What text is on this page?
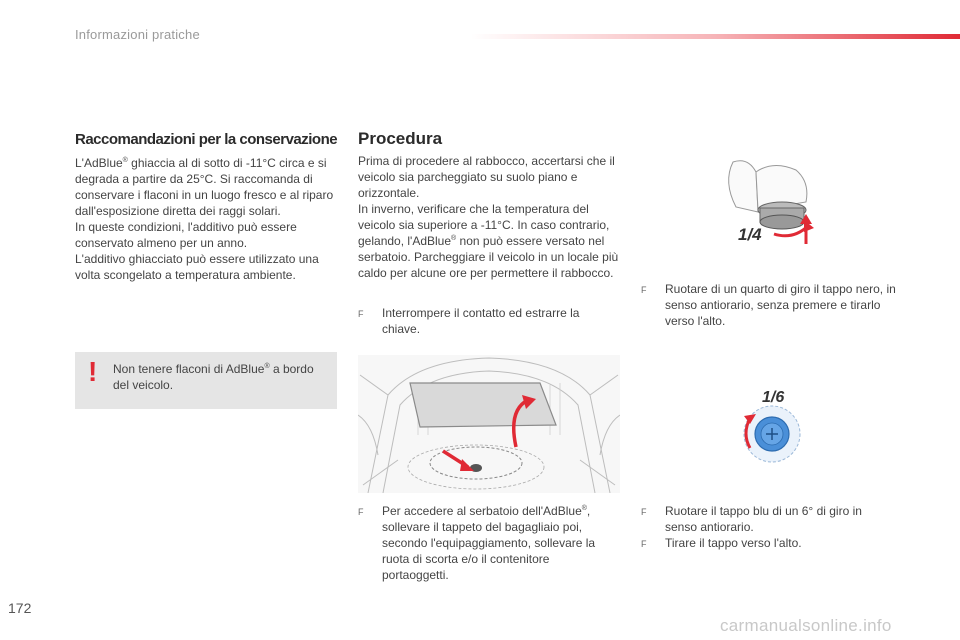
Informazioni pratiche
Raccomandazioni per la conservazione

L'AdBlue® ghiaccia al di sotto di -11°C circa e si degrada a partire da 25°C. Si raccomanda di conservare i flaconi in un luogo fresco e al riparo dall'esposizione diretta dei raggi solari.

In queste condizioni, l'additivo può essere conservato almeno per un anno.

L'additivo ghiacciato può essere utilizzato una volta scongelato a temperatura ambiente.

! Non tenere flaconi di AdBlue® a bordo del veicolo.
Procedura

Prima di procedere al rabbocco, accertarsi che il veicolo sia parcheggiato su suolo piano e orizzontale.

In inverno, verificare che la temperatura del veicolo sia superiore a -11°C. In caso contrario, gelando, l'AdBlue® non può essere versato nel serbatoio. Parcheggiare il veicolo in un locale più caldo per alcune ore per permettere il rabbocco.

F Interrompere il contatto ed estrarre la chiave.
F Per accedere al serbatoio dell'AdBlue®, sollevare il tappeto del bagagliaio poi, secondo l'equipaggiamento, sollevare la ruota di scorta e/o il contenitore portaoggetti.
1/4
F Ruotare di un quarto di giro il tappo nero, in senso antiorario, senza premere e tirarlo verso l'alto.
1/6
F Ruotare il tappo blu di un 6° di giro in senso antiorario.
F Tirare il tappo verso l'alto.
172
carmanualsonline.info
